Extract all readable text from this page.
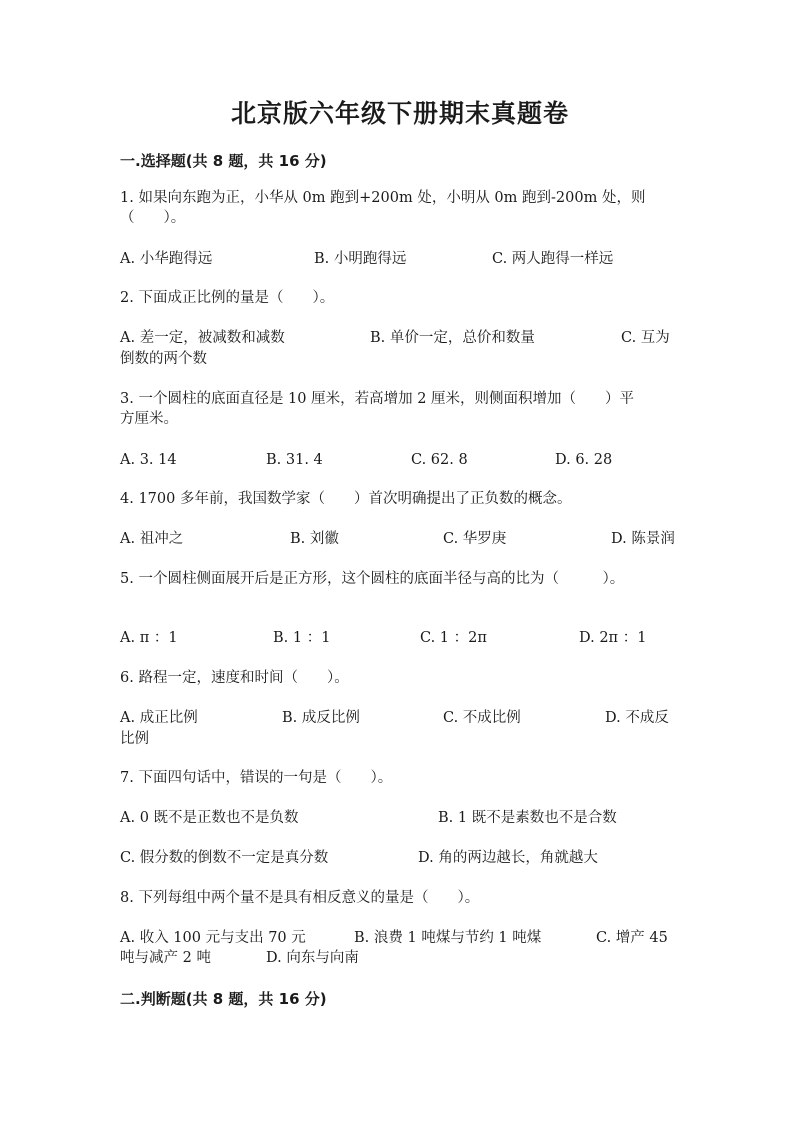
北京版六年级下册期末真题卷
一.选择题(共 8 题，共 16 分)
1. 如果向东跑为正，小华从 0m 跑到+200m 处，小明从 0m 跑到-200m 处，则
（　　）。
A. 小华跑得远	B. 小明跑得远	C. 两人跑得一样远
2. 下面成正比例的量是（　　）。
A. 差一定，被减数和减数	B. 单价一定，总价和数量	C. 互为
倒数的两个数
3. 一个圆柱的底面直径是 10 厘米，若高增加 2 厘米，则侧面积增加（　　）平
方厘米。
A. 3. 14	B. 31. 4	C. 62. 8	D. 6. 28
4. 1700 多年前，我国数学家（　　）首次明确提出了正负数的概念。
A. 祖冲之	B. 刘徽	C. 华罗庚	D. 陈景润
5. 一个圆柱侧面展开后是正方形，这个圆柱的底面半径与高的比为（　　　）。
A. π ：1	B. 1 ：1	C. 1 ：2π	D. 2π ：1
6. 路程一定，速度和时间（　　）。
A. 成正比例	B. 成反比例	C. 不成比例	D. 不成反
比例
7. 下面四句话中，错误的一句是（　　）。
A. 0 既不是正数也不是负数	B. 1 既不是素数也不是合数
C. 假分数的倒数不一定是真分数	D. 角的两边越长，角就越大
8. 下列每组中两个量不是具有相反意义的量是（　　）。
A. 收入 100 元与支出 70 元	B. 浪费 1 吨煤与节约 1 吨煤	C. 增产 45
吨与减产 2 吨	D. 向东与向南
二.判断题(共 8 题，共 16 分)
